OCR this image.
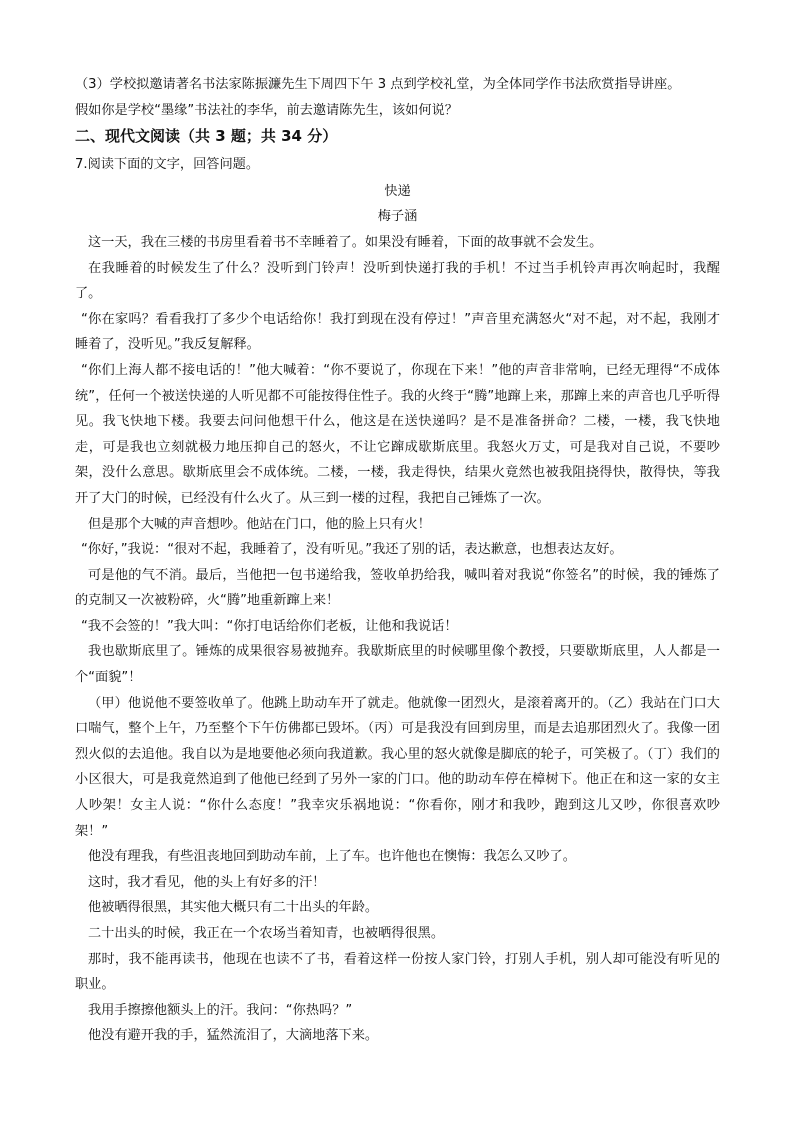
（3）学校拟邀请著名书法家陈振濂先生下周四下午 3 点到学校礼堂，为全体同学作书法欣赏指导讲座。

假如你是学校“墨缘”书法社的李华，前去邀请陈先生，该如何说？

二、现代文阅读（共 3 题；共 34 分）

7.阅读下面的文字，回答问题。

快递

梅子涵

这一天，我在三楼的书房里看着书不幸睡着了。如果没有睡着，下面的故事就不会发生。

在我睡着的时候发生了什么？没听到门铃声！没听到快递打我的手机！不过当手机铃声再次响起时，我醒了。

“你在家吗？看看我打了多少个电话给你！我打到现在没有停过！”声音里充满怒火“对不起，对不起，我刚才睡着了，没听见。”我反复解释。

“你们上海人都不接电话的！”他大喊着：“你不要说了，你现在下来！”他的声音非常响，已经无理得“不成体统”，任何一个被送快递的人听见都不可能按得住性子。我的火终于“腾”地蹿上来，那蹿上来的声音也几乎听得见。我飞快地下楼。我要去问问他想干什么，他这是在送快递吗？是不是准备拼命？二楼，一楼，我飞快地走，可是我也立刻就极力地压抑自己的怒火，不让它蹿成歇斯底里。我怒火万丈，可是我对自己说，不要吵架，没什么意思。歇斯底里会不成体统。二楼，一楼，我走得快，结果火竟然也被我阻挠得快，散得快，等我开了大门的时候，已经没有什么火了。从三到一楼的过程，我把自己锤炼了一次。

但是那个大喊的声音想吵。他站在门口，他的脸上只有火！

“你好，”我说：“很对不起，我睡着了，没有听见。”我还了别的话，表达歉意，也想表达友好。

可是他的气不消。最后，当他把一包书递给我，签收单扔给我，喊叫着对我说“你签名”的时候，我的锤炼了的克制又一次被粉碎，火“腾”地重新蹿上来！

“我不会签的！”我大叫：“你打电话给你们老板，让他和我说话！

我也歇斯底里了。锤炼的成果很容易被抛弃。我歇斯底里的时候哪里像个教授，只要歇斯底里，人人都是一个“面貌”！

（甲）他说他不要签收单了。他跳上助动车开了就走。他就像一团烈火，是滚着离开的。（乙）我站在门口大口喘气，整个上午，乃至整个下午仿佛都已毁坏。（丙）可是我没有回到房里，而是去追那团烈火了。我像一团烈火似的去追他。我自以为是地要他必须向我道歉。我心里的怒火就像是脚底的轮子，可笑极了。（丁）我们的小区很大，可是我竟然追到了他他已经到了另外一家的门口。他的助动车停在樟树下。他正在和这一家的女主人吵架！女主人说：“你什么态度！”我幸灾乐祸地说：“你看你，刚才和我吵，跑到这儿又吵，你很喜欢吵架！”

他没有理我，有些沮丧地回到助动车前，上了车。也许他也在懊悔：我怎么又吵了。

这时，我才看见，他的头上有好多的汗！

他被晒得很黑，其实他大概只有二十出头的年龄。

二十出头的时候，我正在一个农场当着知青，也被晒得很黑。

那时，我不能再读书，他现在也读不了书，看着这样一份按人家门铃，打别人手机，别人却可能没有听见的职业。

我用手擦擦他额头上的汗。我问：“你热吗？”

他没有避开我的手，猛然流泪了，大滴地落下来。
